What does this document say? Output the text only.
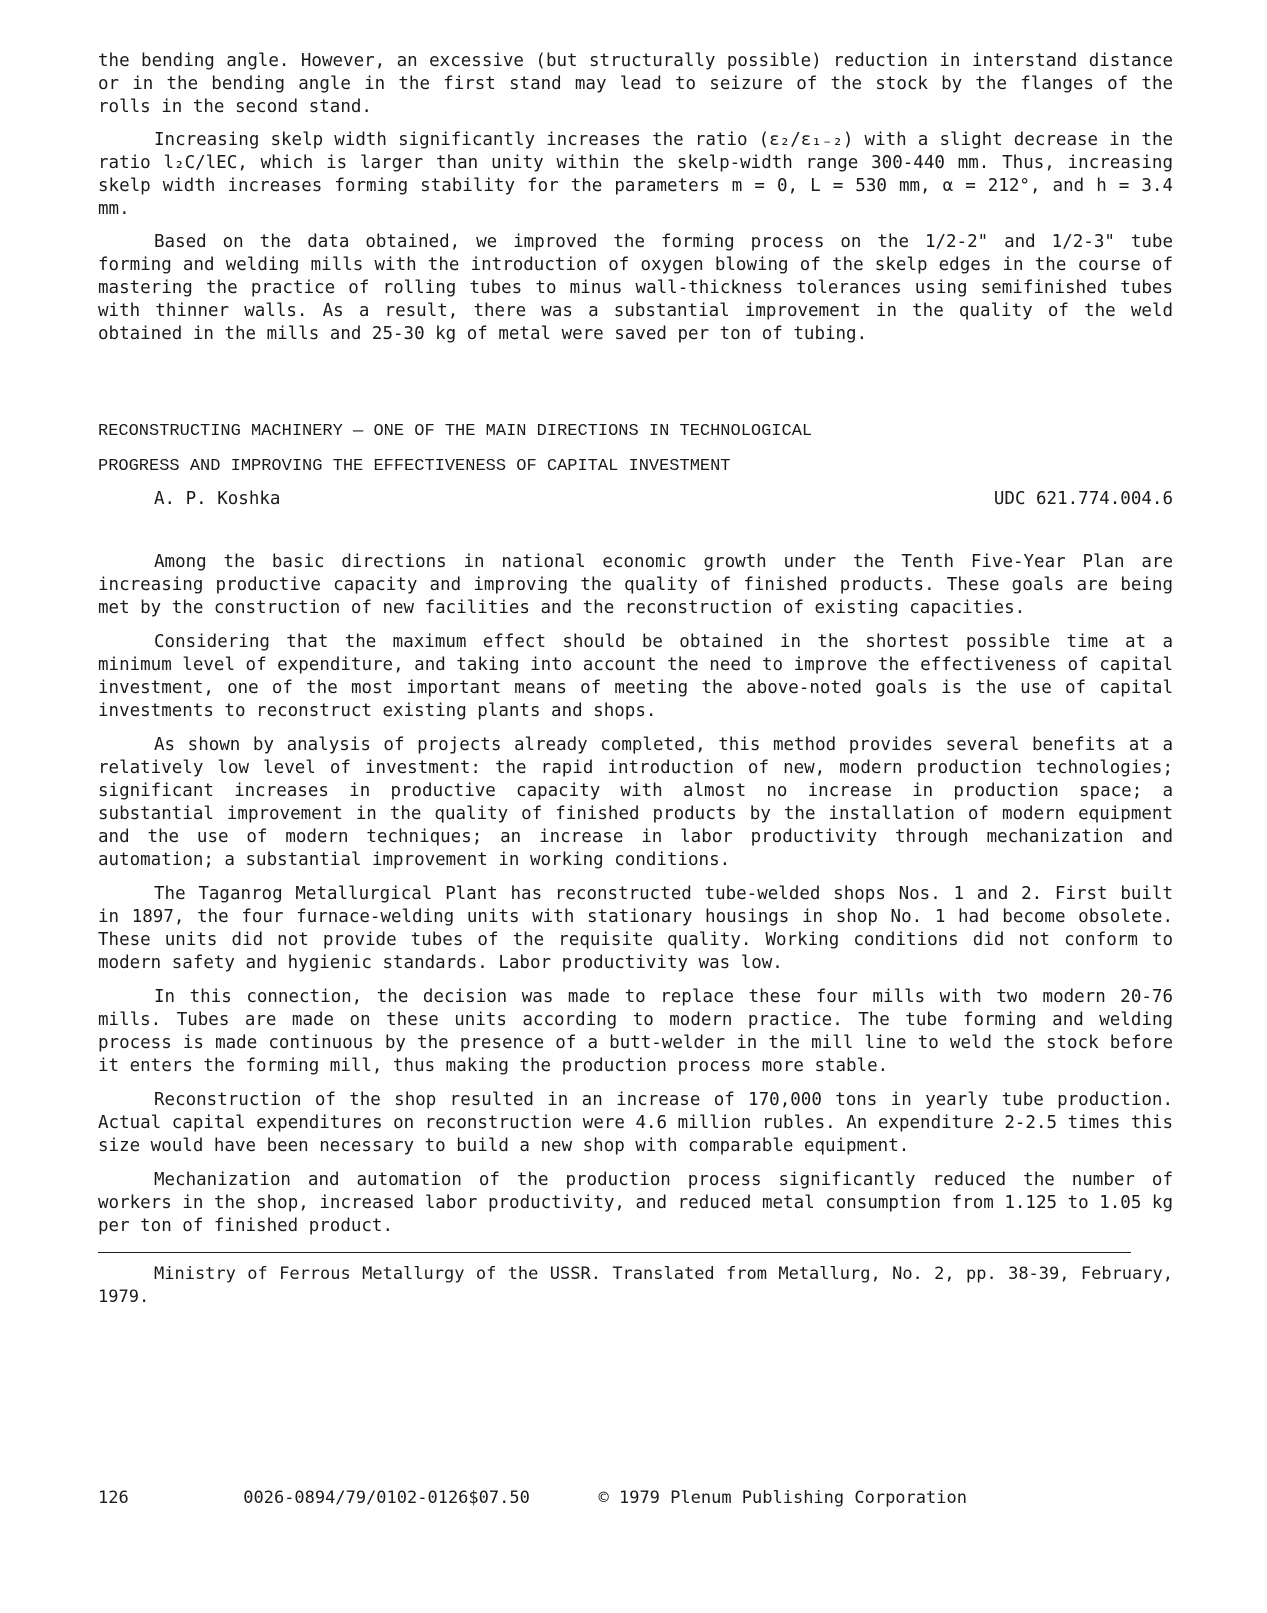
the bending angle. However, an excessive (but structurally possible) reduction in interstand distance or in the bending angle in the first stand may lead to seizure of the stock by the flanges of the rolls in the second stand.

Increasing skelp width significantly increases the ratio (ε₂/ε₁₋₂) with a slight decrease in the ratio l₂C/lEC, which is larger than unity within the skelp-width range 300-440 mm. Thus, increasing skelp width increases forming stability for the parameters m = 0, L = 530 mm, α = 212°, and h = 3.4 mm.

Based on the data obtained, we improved the forming process on the 1/2-2" and 1/2-3" tube forming and welding mills with the introduction of oxygen blowing of the skelp edges in the course of mastering the practice of rolling tubes to minus wall-thickness tolerances using semifinished tubes with thinner walls. As a result, there was a substantial improvement in the quality of the weld obtained in the mills and 25-30 kg of metal were saved per ton of tubing.

RECONSTRUCTING MACHINERY — ONE OF THE MAIN DIRECTIONS IN TECHNOLOGICAL
PROGRESS AND IMPROVING THE EFFECTIVENESS OF CAPITAL INVESTMENT
A. P. Koshka	UDC 621.774.004.6

Among the basic directions in national economic growth under the Tenth Five-Year Plan are increasing productive capacity and improving the quality of finished products. These goals are being met by the construction of new facilities and the reconstruction of existing capacities.

Considering that the maximum effect should be obtained in the shortest possible time at a minimum level of expenditure, and taking into account the need to improve the effectiveness of capital investment, one of the most important means of meeting the above-noted goals is the use of capital investments to reconstruct existing plants and shops.

As shown by analysis of projects already completed, this method provides several benefits at a relatively low level of investment: the rapid introduction of new, modern production technologies; significant increases in productive capacity with almost no increase in production space; a substantial improvement in the quality of finished products by the installation of modern equipment and the use of modern techniques; an increase in labor productivity through mechanization and automation; a substantial improvement in working conditions.

The Taganrog Metallurgical Plant has reconstructed tube-welded shops Nos. 1 and 2. First built in 1897, the four furnace-welding units with stationary housings in shop No. 1 had become obsolete. These units did not provide tubes of the requisite quality. Working conditions did not conform to modern safety and hygienic standards. Labor productivity was low.

In this connection, the decision was made to replace these four mills with two modern 20-76 mills. Tubes are made on these units according to modern practice. The tube forming and welding process is made continuous by the presence of a butt-welder in the mill line to weld the stock before it enters the forming mill, thus making the production process more stable.

Reconstruction of the shop resulted in an increase of 170,000 tons in yearly tube production. Actual capital expenditures on reconstruction were 4.6 million rubles. An expenditure 2-2.5 times this size would have been necessary to build a new shop with comparable equipment.

Mechanization and automation of the production process significantly reduced the number of workers in the shop, increased labor productivity, and reduced metal consumption from 1.125 to 1.05 kg per ton of finished product.

Ministry of Ferrous Metallurgy of the USSR. Translated from Metallurg, No. 2, pp. 38-39, February, 1979.

126	0026-0894/79/0102-0126$07.50	© 1979 Plenum Publishing Corporation
